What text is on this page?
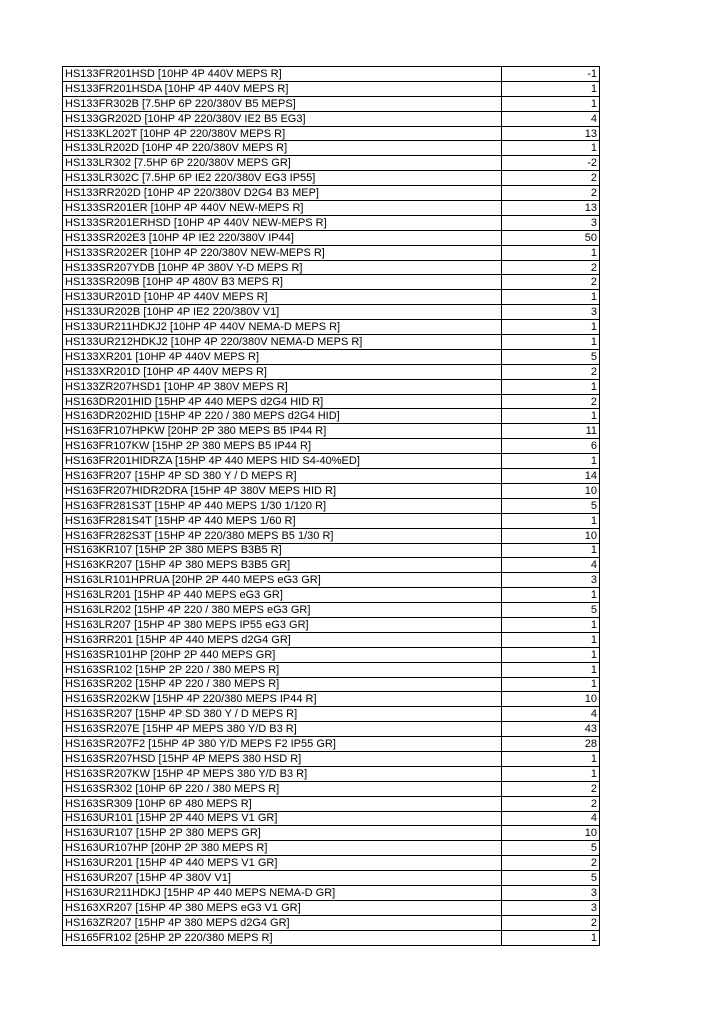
HS133FR201HSD [10HP 4P 440V MEPS R]	-1
HS133FR201HSDA [10HP 4P 440V MEPS R]	1
HS133FR302B [7.5HP 6P 220/380V B5 MEPS]	1
HS133GR202D [10HP 4P 220/380V IE2 B5 EG3]	4
HS133KL202T [10HP 4P 220/380V MEPS R]	13
HS133LR202D [10HP 4P 220/380V MEPS R]	1
HS133LR302 [7.5HP 6P 220/380V MEPS GR]	-2
HS133LR302C [7.5HP 6P IE2 220/380V EG3 IP55]	2
HS133RR202D [10HP 4P 220/380V D2G4 B3 MEP]	2
HS133SR201ER [10HP 4P 440V NEW-MEPS R]	13
HS133SR201ERHSD [10HP 4P 440V NEW-MEPS R]	3
HS133SR202E3 [10HP 4P IE2 220/380V IP44]	50
HS133SR202ER [10HP 4P 220/380V NEW-MEPS R]	1
HS133SR207YDB [10HP 4P 380V Y-D MEPS R]	2
HS133SR209B [10HP 4P 480V B3 MEPS R]	2
HS133UR201D [10HP 4P 440V MEPS R]	1
HS133UR202B [10HP 4P IE2 220/380V V1]	3
HS133UR211HDKJ2 [10HP 4P 440V NEMA-D MEPS R]	1
HS133UR212HDKJ2 [10HP 4P 220/380V NEMA-D MEPS R]	1
HS133XR201 [10HP 4P 440V MEPS R]	5
HS133XR201D [10HP 4P 440V MEPS R]	2
HS133ZR207HSD1 [10HP 4P 380V MEPS R]	1
HS163DR201HID [15HP 4P 440 MEPS d2G4 HID R]	2
HS163DR202HID [15HP 4P 220 / 380 MEPS d2G4 HID]	1
HS163FR107HPKW [20HP 2P 380 MEPS B5 IP44 R]	11
HS163FR107KW [15HP 2P 380 MEPS B5 IP44 R]	6
HS163FR201HIDRZA [15HP 4P 440 MEPS HID S4-40%ED]	1
HS163FR207 [15HP 4P SD 380 Y / D MEPS R]	14
HS163FR207HIDR2DRA [15HP 4P 380V MEPS HID R]	10
HS163FR281S3T [15HP 4P 440 MEPS 1/30 1/120 R]	5
HS163FR281S4T [15HP 4P 440 MEPS 1/60 R]	1
HS163FR282S3T [15HP 4P 220/380 MEPS B5 1/30 R]	10
HS163KR107 [15HP 2P 380 MEPS B3B5 R]	1
HS163KR207 [15HP 4P 380 MEPS B3B5 GR]	4
HS163LR101HPRUA [20HP 2P 440 MEPS eG3 GR]	3
HS163LR201 [15HP 4P 440 MEPS eG3 GR]	1
HS163LR202 [15HP 4P 220 / 380 MEPS eG3 GR]	5
HS163LR207 [15HP 4P 380 MEPS IP55 eG3 GR]	1
HS163RR201 [15HP 4P 440 MEPS d2G4 GR]	1
HS163SR101HP [20HP 2P 440 MEPS GR]	1
HS163SR102 [15HP 2P 220 / 380 MEPS R]	1
HS163SR202 [15HP 4P 220 / 380 MEPS R]	1
HS163SR202KW [15HP 4P 220/380 MEPS IP44 R]	10
HS163SR207 [15HP 4P SD 380 Y / D MEPS R]	4
HS163SR207E [15HP 4P MEPS 380 Y/D B3 R]	43
HS163SR207F2 [15HP 4P 380 Y/D MEPS F2 IP55 GR]	28
HS163SR207HSD [15HP 4P MEPS 380 HSD R]	1
HS163SR207KW [15HP 4P MEPS 380 Y/D B3 R]	1
HS163SR302 [10HP 6P 220 / 380 MEPS R]	2
HS163SR309 [10HP 6P 480 MEPS R]	2
HS163UR101 [15HP 2P 440 MEPS V1 GR]	4
HS163UR107 [15HP 2P 380 MEPS GR]	10
HS163UR107HP [20HP 2P 380 MEPS R]	5
HS163UR201 [15HP 4P 440 MEPS V1 GR]	2
HS163UR207 [15HP 4P 380V V1]	5
HS163UR211HDKJ [15HP 4P 440 MEPS NEMA-D GR]	3
HS163XR207 [15HP 4P 380 MEPS eG3 V1 GR]	3
HS163ZR207 [15HP 4P 380 MEPS d2G4 GR]	2
HS165FR102 [25HP 2P 220/380 MEPS R]	1
